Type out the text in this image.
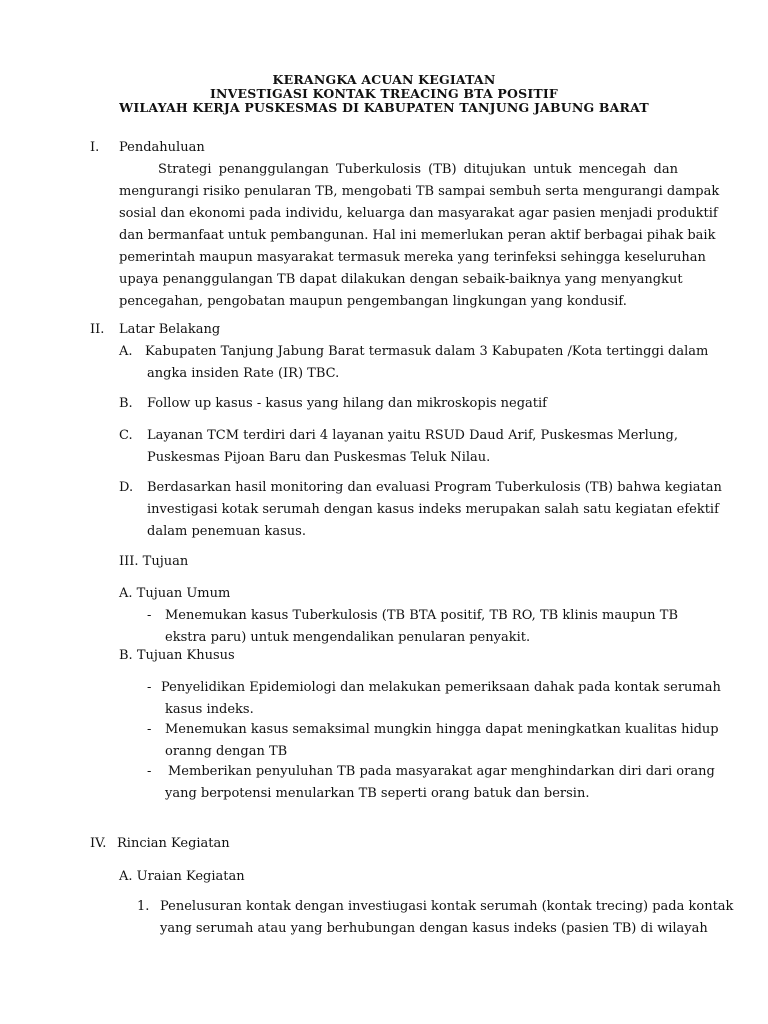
KERANGKA ACUAN KEGIATAN
INVESTIGASI KONTAK TREACING BTA POSITIF
WILAYAH KERJA PUSKESMAS DI KABUPATEN TANJUNG JABUNG BARAT
I. Pendahuluan
Strategi penanggulangan Tuberkulosis (TB) ditujukan untuk mencegah dan
mengurangi risiko penularan TB, mengobati TB sampai sembuh serta mengurangi dampak
sosial dan ekonomi pada individu, keluarga dan masyarakat agar pasien menjadi produktif
dan bermanfaat untuk pembangunan. Hal ini memerlukan peran aktif berbagai pihak baik
pemerintah maupun masyarakat termasuk mereka yang terinfeksi sehingga keseluruhan
upaya penanggulangan TB dapat dilakukan dengan sebaik-baiknya yang menyangkut
pencegahan, pengobatan maupun pengembangan lingkungan yang kondusif.
II. Latar Belakang
A. Kabupaten Tanjung Jabung Barat termasuk dalam 3 Kabupaten /Kota tertinggi dalam
angka insiden Rate (IR) TBC.
B. Follow up kasus - kasus yang hilang dan mikroskopis negatif
C. Layanan TCM terdiri dari 4 layanan yaitu RSUD Daud Arif, Puskesmas Merlung,
Puskesmas Pijoan Baru dan Puskesmas Teluk Nilau.
D. Berdasarkan hasil monitoring dan evaluasi Program Tuberkulosis (TB) bahwa kegiatan
investigasi kotak serumah dengan kasus indeks merupakan salah satu kegiatan efektif
dalam penemuan kasus.
III. Tujuan
A. Tujuan Umum
- Menemukan kasus Tuberkulosis (TB BTA positif, TB RO, TB klinis maupun TB
ekstra paru) untuk mengendalikan penularan penyakit.
B. Tujuan Khusus
- Penyelidikan Epidemiologi dan melakukan pemeriksaan dahak pada kontak serumah
kasus indeks.
- Menemukan kasus semaksimal mungkin hingga dapat meningkatkan kualitas hidup
oranng dengan TB
- Memberikan penyuluhan TB pada masyarakat agar menghindarkan diri dari orang
yang berpotensi menularkan TB seperti orang batuk dan bersin.
IV. Rincian Kegiatan
A. Uraian Kegiatan
1. Penelusuran kontak dengan investiugasi kontak serumah (kontak trecing) pada kontak
yang serumah atau yang berhubungan dengan kasus indeks (pasien TB) di wilayah
